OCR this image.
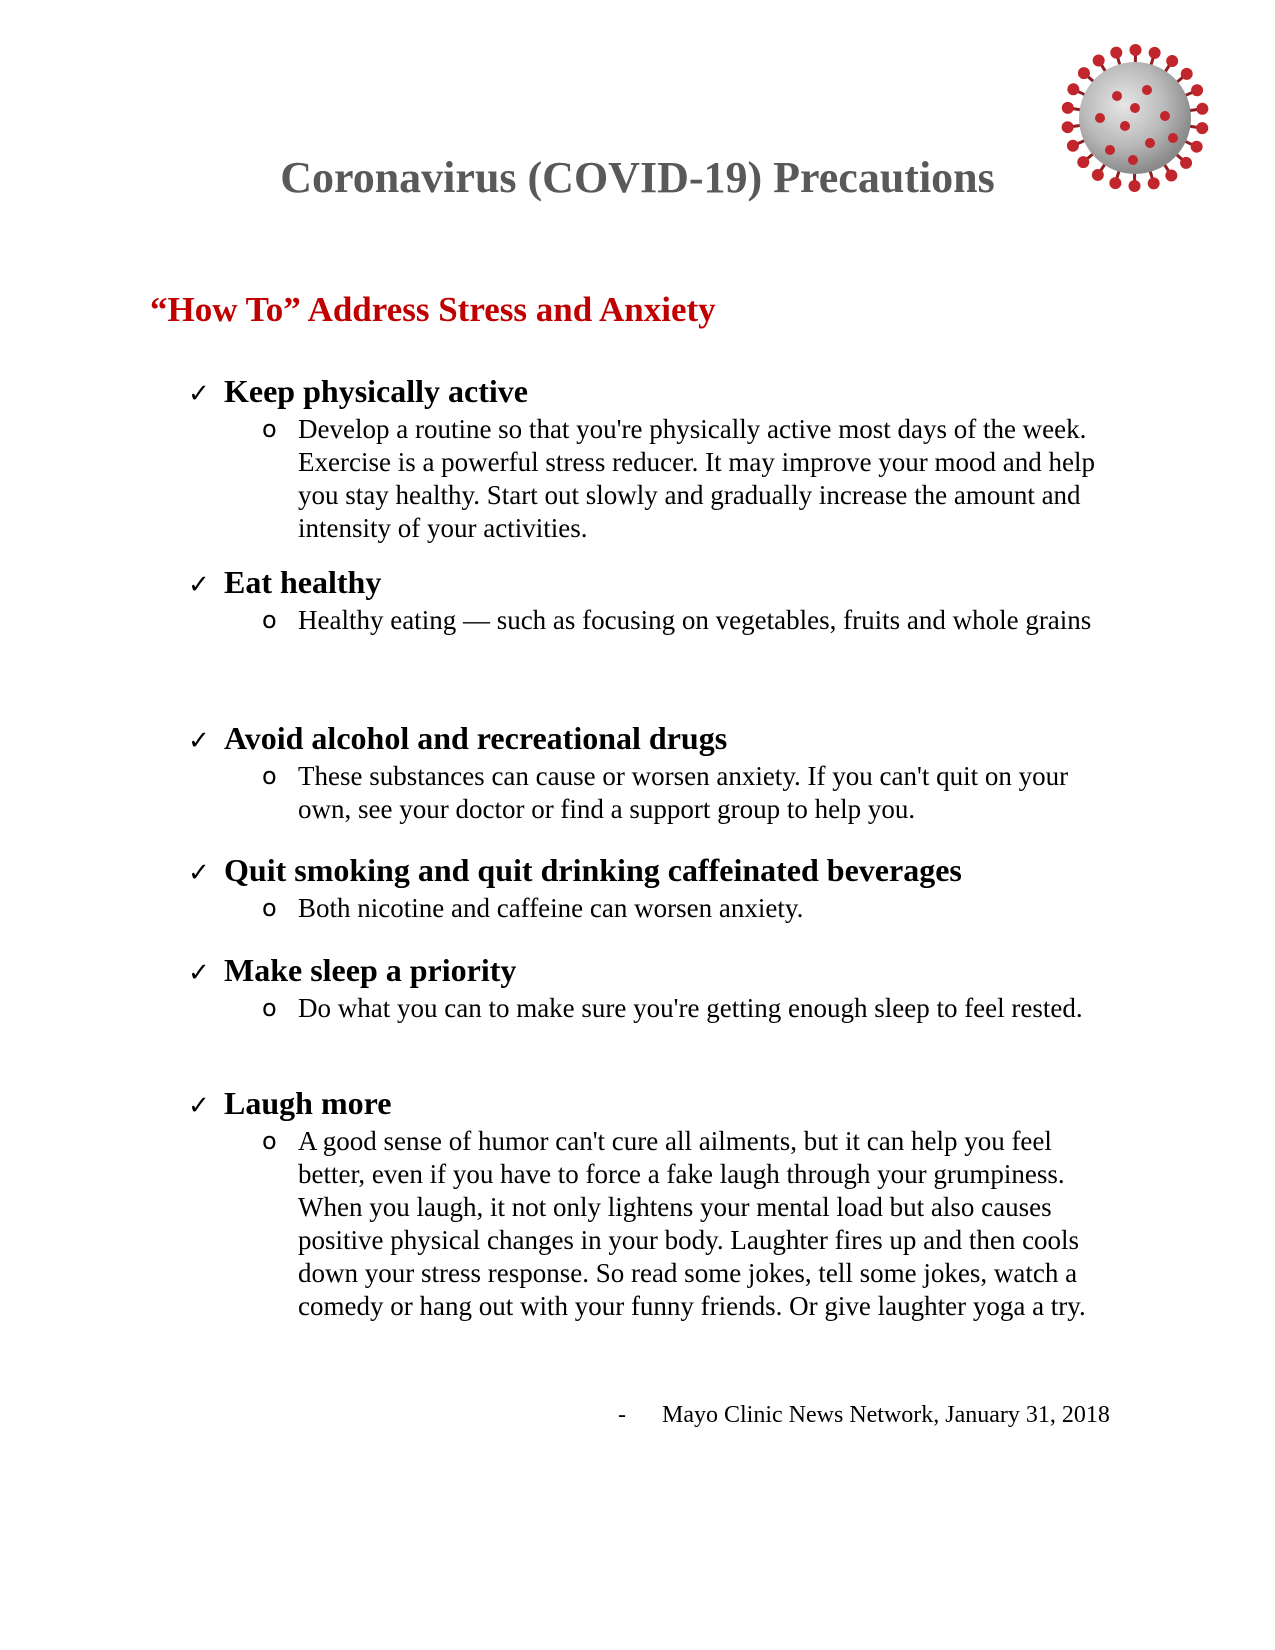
Coronavirus (COVID-19) Precautions
“How To” Address Stress and Anxiety
✓ Keep physically active
o Develop a routine so that you're physically active most days of the week. Exercise is a powerful stress reducer. It may improve your mood and help you stay healthy. Start out slowly and gradually increase the amount and intensity of your activities.
✓ Eat healthy
o Healthy eating — such as focusing on vegetables, fruits and whole grains
✓ Avoid alcohol and recreational drugs
o These substances can cause or worsen anxiety. If you can't quit on your own, see your doctor or find a support group to help you.
✓ Quit smoking and quit drinking caffeinated beverages
o Both nicotine and caffeine can worsen anxiety.
✓ Make sleep a priority
o Do what you can to make sure you're getting enough sleep to feel rested.
✓ Laugh more
o A good sense of humor can't cure all ailments, but it can help you feel better, even if you have to force a fake laugh through your grumpiness. When you laugh, it not only lightens your mental load but also causes positive physical changes in your body. Laughter fires up and then cools down your stress response. So read some jokes, tell some jokes, watch a comedy or hang out with your funny friends. Or give laughter yoga a try.
- Mayo Clinic News Network, January 31, 2018
